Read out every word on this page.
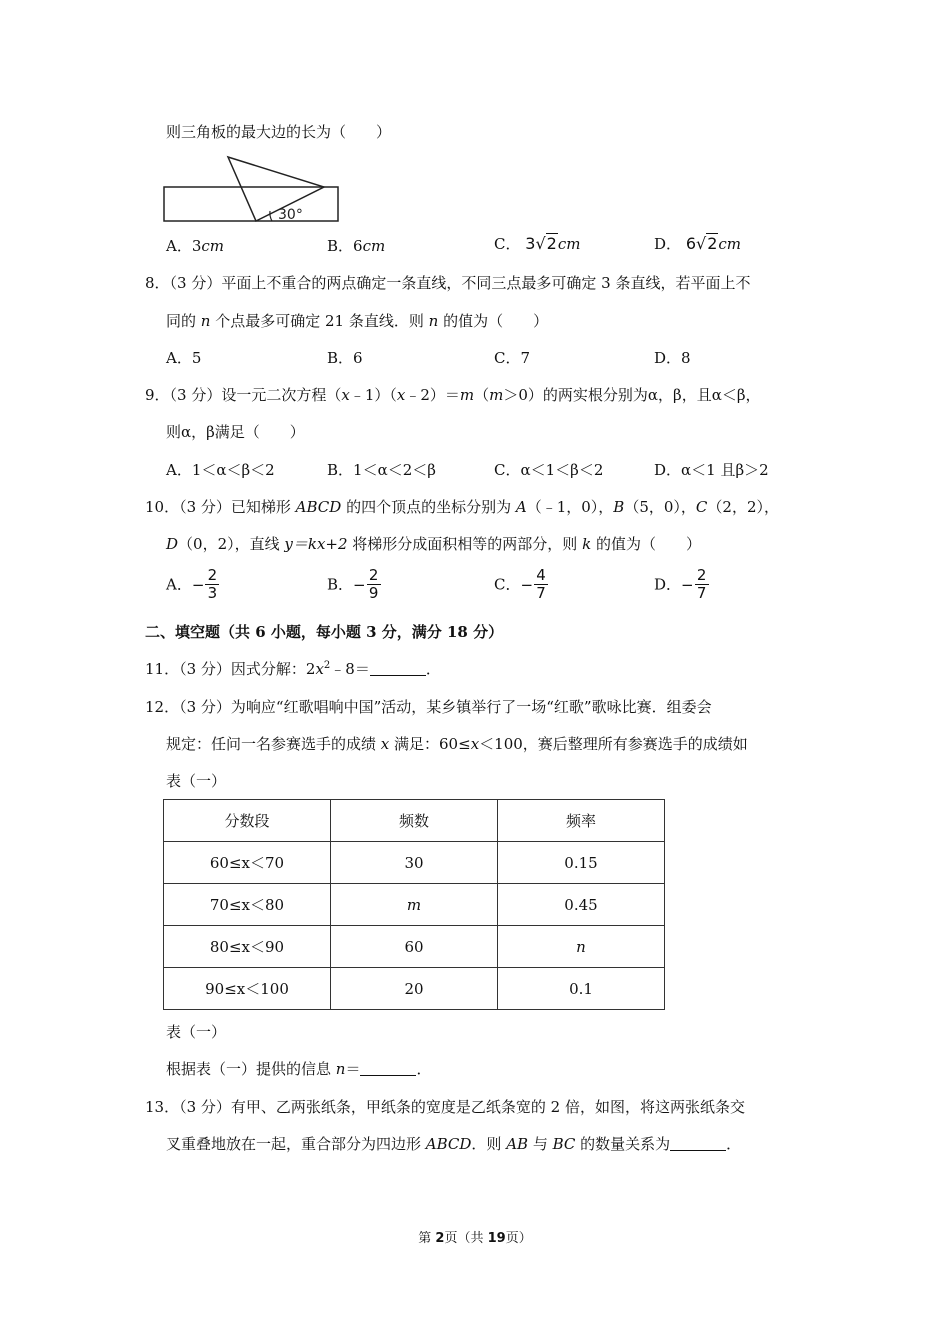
则三角板的最大边的长为（　　）
30°
A．3cm	B．6cm	C． 3√2cm	D． 6√2cm
8．（3 分）平面上不重合的两点确定一条直线，不同三点最多可确定 3 条直线，若平面上不
同的 n 个点最多可确定 21 条直线．则 n 的值为（　　）
A．5	B．6	C．7	D．8
9．（3 分）设一元二次方程（x﹣1）（x﹣2）＝m（m＞0）的两实根分别为α，β，且α＜β，
则α，β满足（　　）
A．1＜α＜β＜2	B．1＜α＜2＜β	C．α＜1＜β＜2	D．α＜1 且β＞2
10．（3 分）已知梯形 ABCD 的四个顶点的坐标分别为 A（﹣1，0），B（5，0），C（2，2），
D（0，2），直线 y＝kx+2 将梯形分成面积相等的两部分，则 k 的值为（　　）
A．− $\frac{2}{3}$	B．− $\frac{2}{9}$	C．− $\frac{4}{7}$	D．− $\frac{2}{7}$
二、填空题（共 6 小题，每小题 3 分，满分 18 分）
11．（3 分）因式分解：$2x^2﹣8=$	．
12．（3 分）为响应“红歌唱响中国”活动，某乡镇举行了一场“红歌”歌咏比赛．组委会
规定：任问一名参赛选手的成绩 x 满足：60≤x＜100，赛后整理所有参赛选手的成绩如
表（一）
分数段	频数	频率
60≤x＜70	30	0.15
70≤x＜80	m	0.45
80≤x＜90	60	n
90≤x＜100	20	0.1
表（一）
根据表（一）提供的信息 n＝	．
13．（3 分）有甲、乙两张纸条，甲纸条的宽度是乙纸条宽的 2 倍，如图，将这两张纸条交
叉重叠地放在一起，重合部分为四边形 ABCD．则 AB 与 BC 的数量关系为	．
第 2页（共 19页）
